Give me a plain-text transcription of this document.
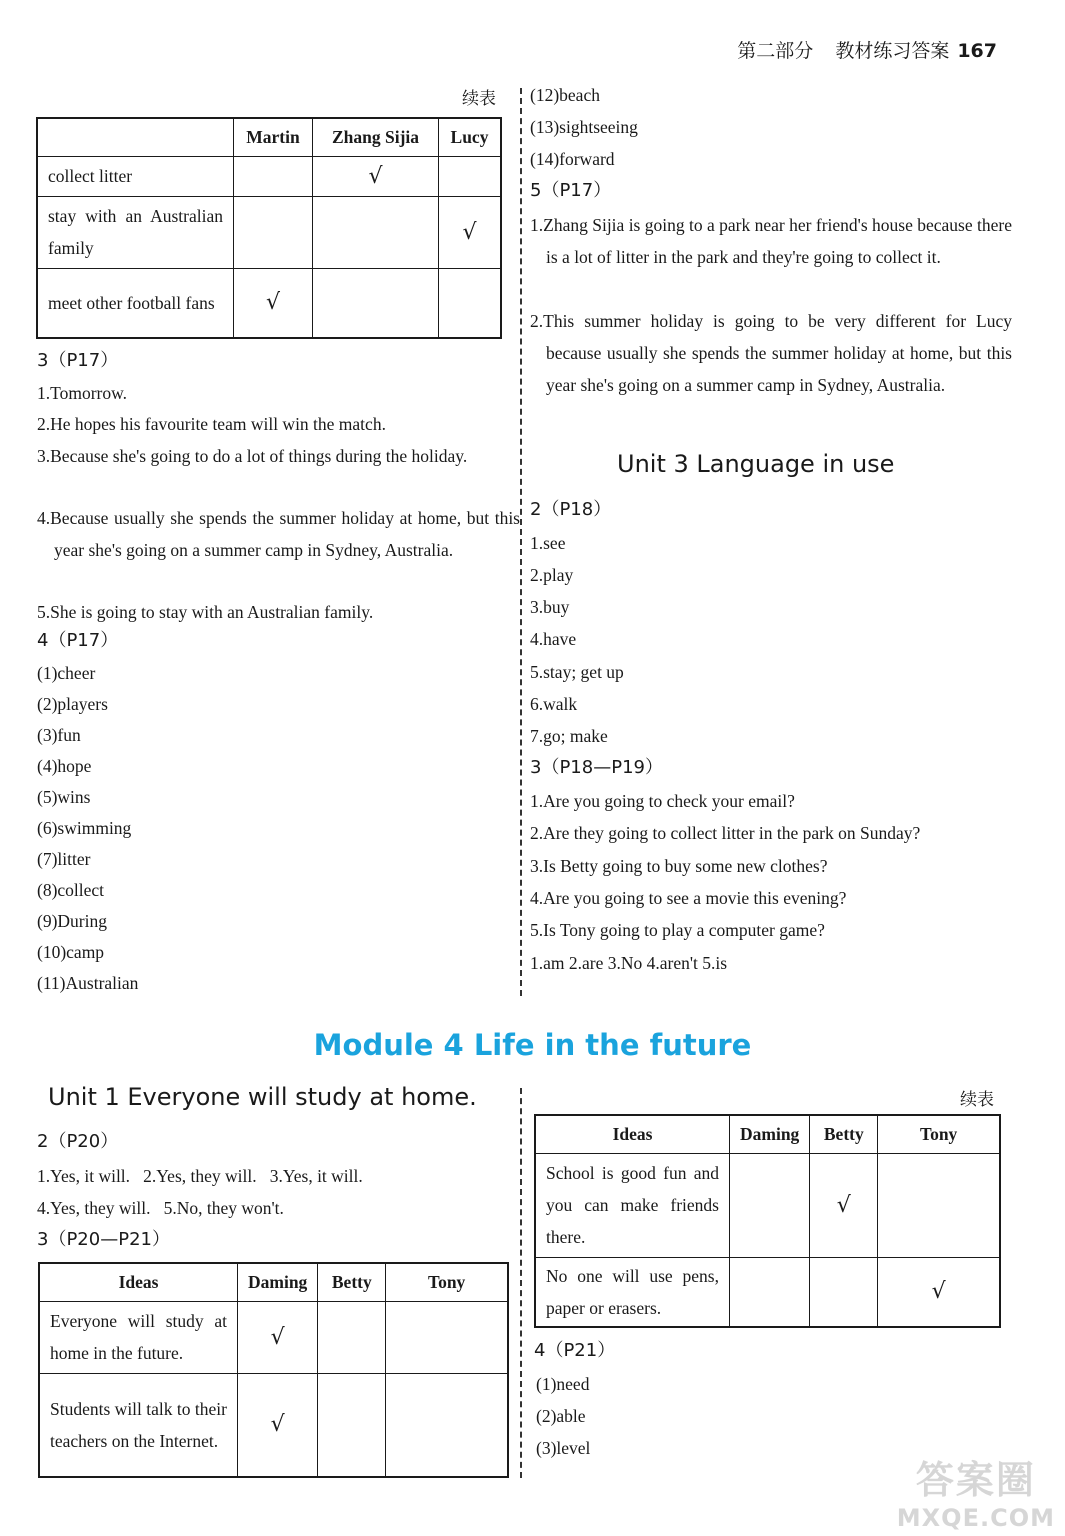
第二部分 教材练习答案 167
续表
	Martin	Zhang Sijia	Lucy
collect litter		√	
stay with an Australian family			√
meet other football fans	√		
3（P17）
1.Tomorrow.
2.He hopes his favourite team will win the match.
3.Because she's going to do a lot of things during the holiday.
4.Because usually she spends the summer holiday at home, but this year she's going on a summer camp in Sydney, Australia.
5.She is going to stay with an Australian family.
4（P17）
(1)cheer
(2)players
(3)fun
(4)hope
(5)wins
(6)swimming
(7)litter
(8)collect
(9)During
(10)camp
(11)Australian
(12)beach
(13)sightseeing
(14)forward
5（P17）
1.Zhang Sijia is going to a park near her friend's house because there is a lot of litter in the park and they're going to collect it.
2.This summer holiday is going to be very different for Lucy because usually she spends the summer holiday at home, but this year she's going on a summer camp in Sydney, Australia.
Unit 3 Language in use
2（P18）
1.see
2.play
3.buy
4.have
5.stay; get up
6.walk
7.go; make
3（P18—P19）
1.Are you going to check your email?
2.Are they going to collect litter in the park on Sunday?
3.Is Betty going to buy some new clothes?
4.Are you going to see a movie this evening?
5.Is Tony going to play a computer game?
1.am 2.are 3.No 4.aren't 5.is
Module 4 Life in the future
Unit 1 Everyone will study at home.
2（P20）
1.Yes, it will.   2.Yes, they will.   3.Yes, it will.
4.Yes, they will.   5.No, they won't.
3（P20—P21）
Ideas	Daming	Betty	Tony
Everyone will study at home in the future.	√		
Students will talk to their teachers on the Internet.	√		
续表
Ideas	Daming	Betty	Tony
School is good fun and you can make friends there.		√	
No one will use pens, paper or erasers.			√
4（P21）
(1)need
(2)able
(3)level
答案圈
MXQE.COM
